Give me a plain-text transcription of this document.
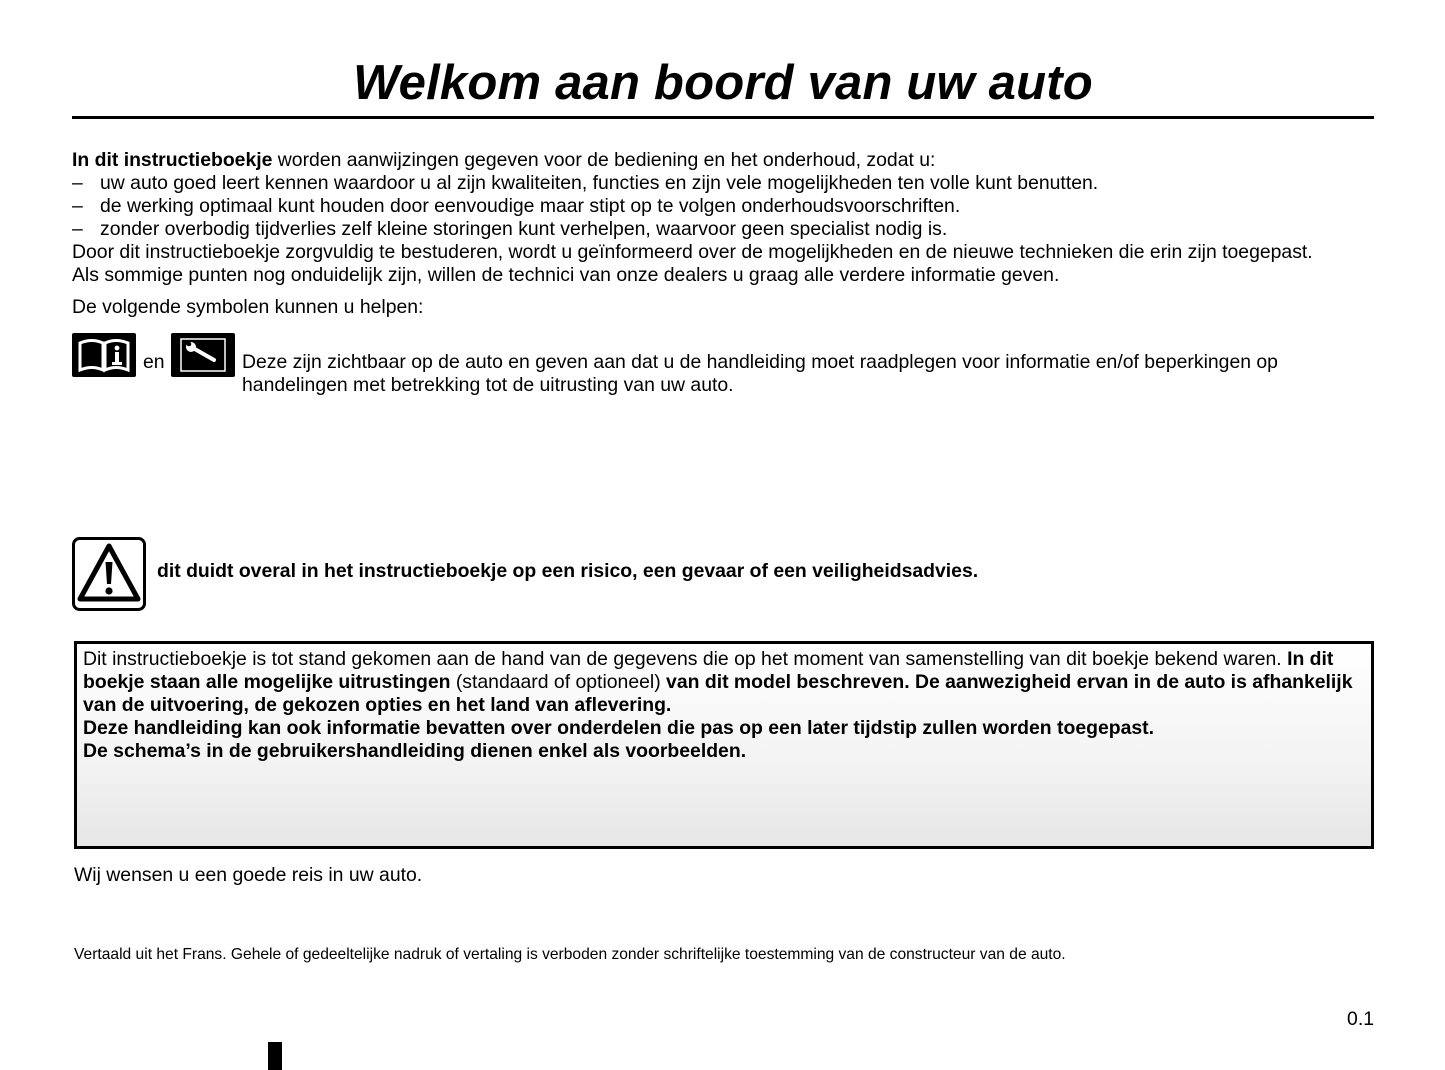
Welkom aan boord van uw auto

In dit instructieboekje worden aanwijzingen gegeven voor de bediening en het onderhoud, zodat u:

– uw auto goed leert kennen waardoor u al zijn kwaliteiten, functies en zijn vele mogelijkheden ten volle kunt benutten.
– de werking optimaal kunt houden door eenvoudige maar stipt op te volgen onderhoudsvoorschriften.
– zonder overbodig tijdverlies zelf kleine storingen kunt verhelpen, waarvoor geen specialist nodig is.

Door dit instructieboekje zorgvuldig te bestuderen, wordt u geïnformeerd over de mogelijkheden en de nieuwe technieken die erin zijn toegepast.

Als sommige punten nog onduidelijk zijn, willen de technici van onze dealers u graag alle verdere informatie geven.

De volgende symbolen kunnen u helpen:
en	Deze zijn zichtbaar op de auto en geven aan dat u de handleiding moet raadplegen voor informatie en/of beperkingen op handelingen met betrekking tot de uitrusting van uw auto.
dit duidt overal in het instructieboekje op een risico, een gevaar of een veiligheidsadvies.

Dit instructieboekje is tot stand gekomen aan de hand van de gegevens die op het moment van samenstelling van dit boekje bekend waren. In dit boekje staan alle mogelijke uitrustingen (standaard of optioneel) van dit model beschreven. De aanwezigheid ervan in de auto is afhankelijk van de uitvoering, de gekozen opties en het land van aflevering.

Deze handleiding kan ook informatie bevatten over onderdelen die pas op een later tijdstip zullen worden toegepast.

De schema’s in de gebruikershandleiding dienen enkel als voorbeelden.

Wij wensen u een goede reis in uw auto.
Vertaald uit het Frans. Gehele of gedeeltelijke nadruk of vertaling is verboden zonder schriftelijke toestemming van de constructeur van de auto.
0.1
